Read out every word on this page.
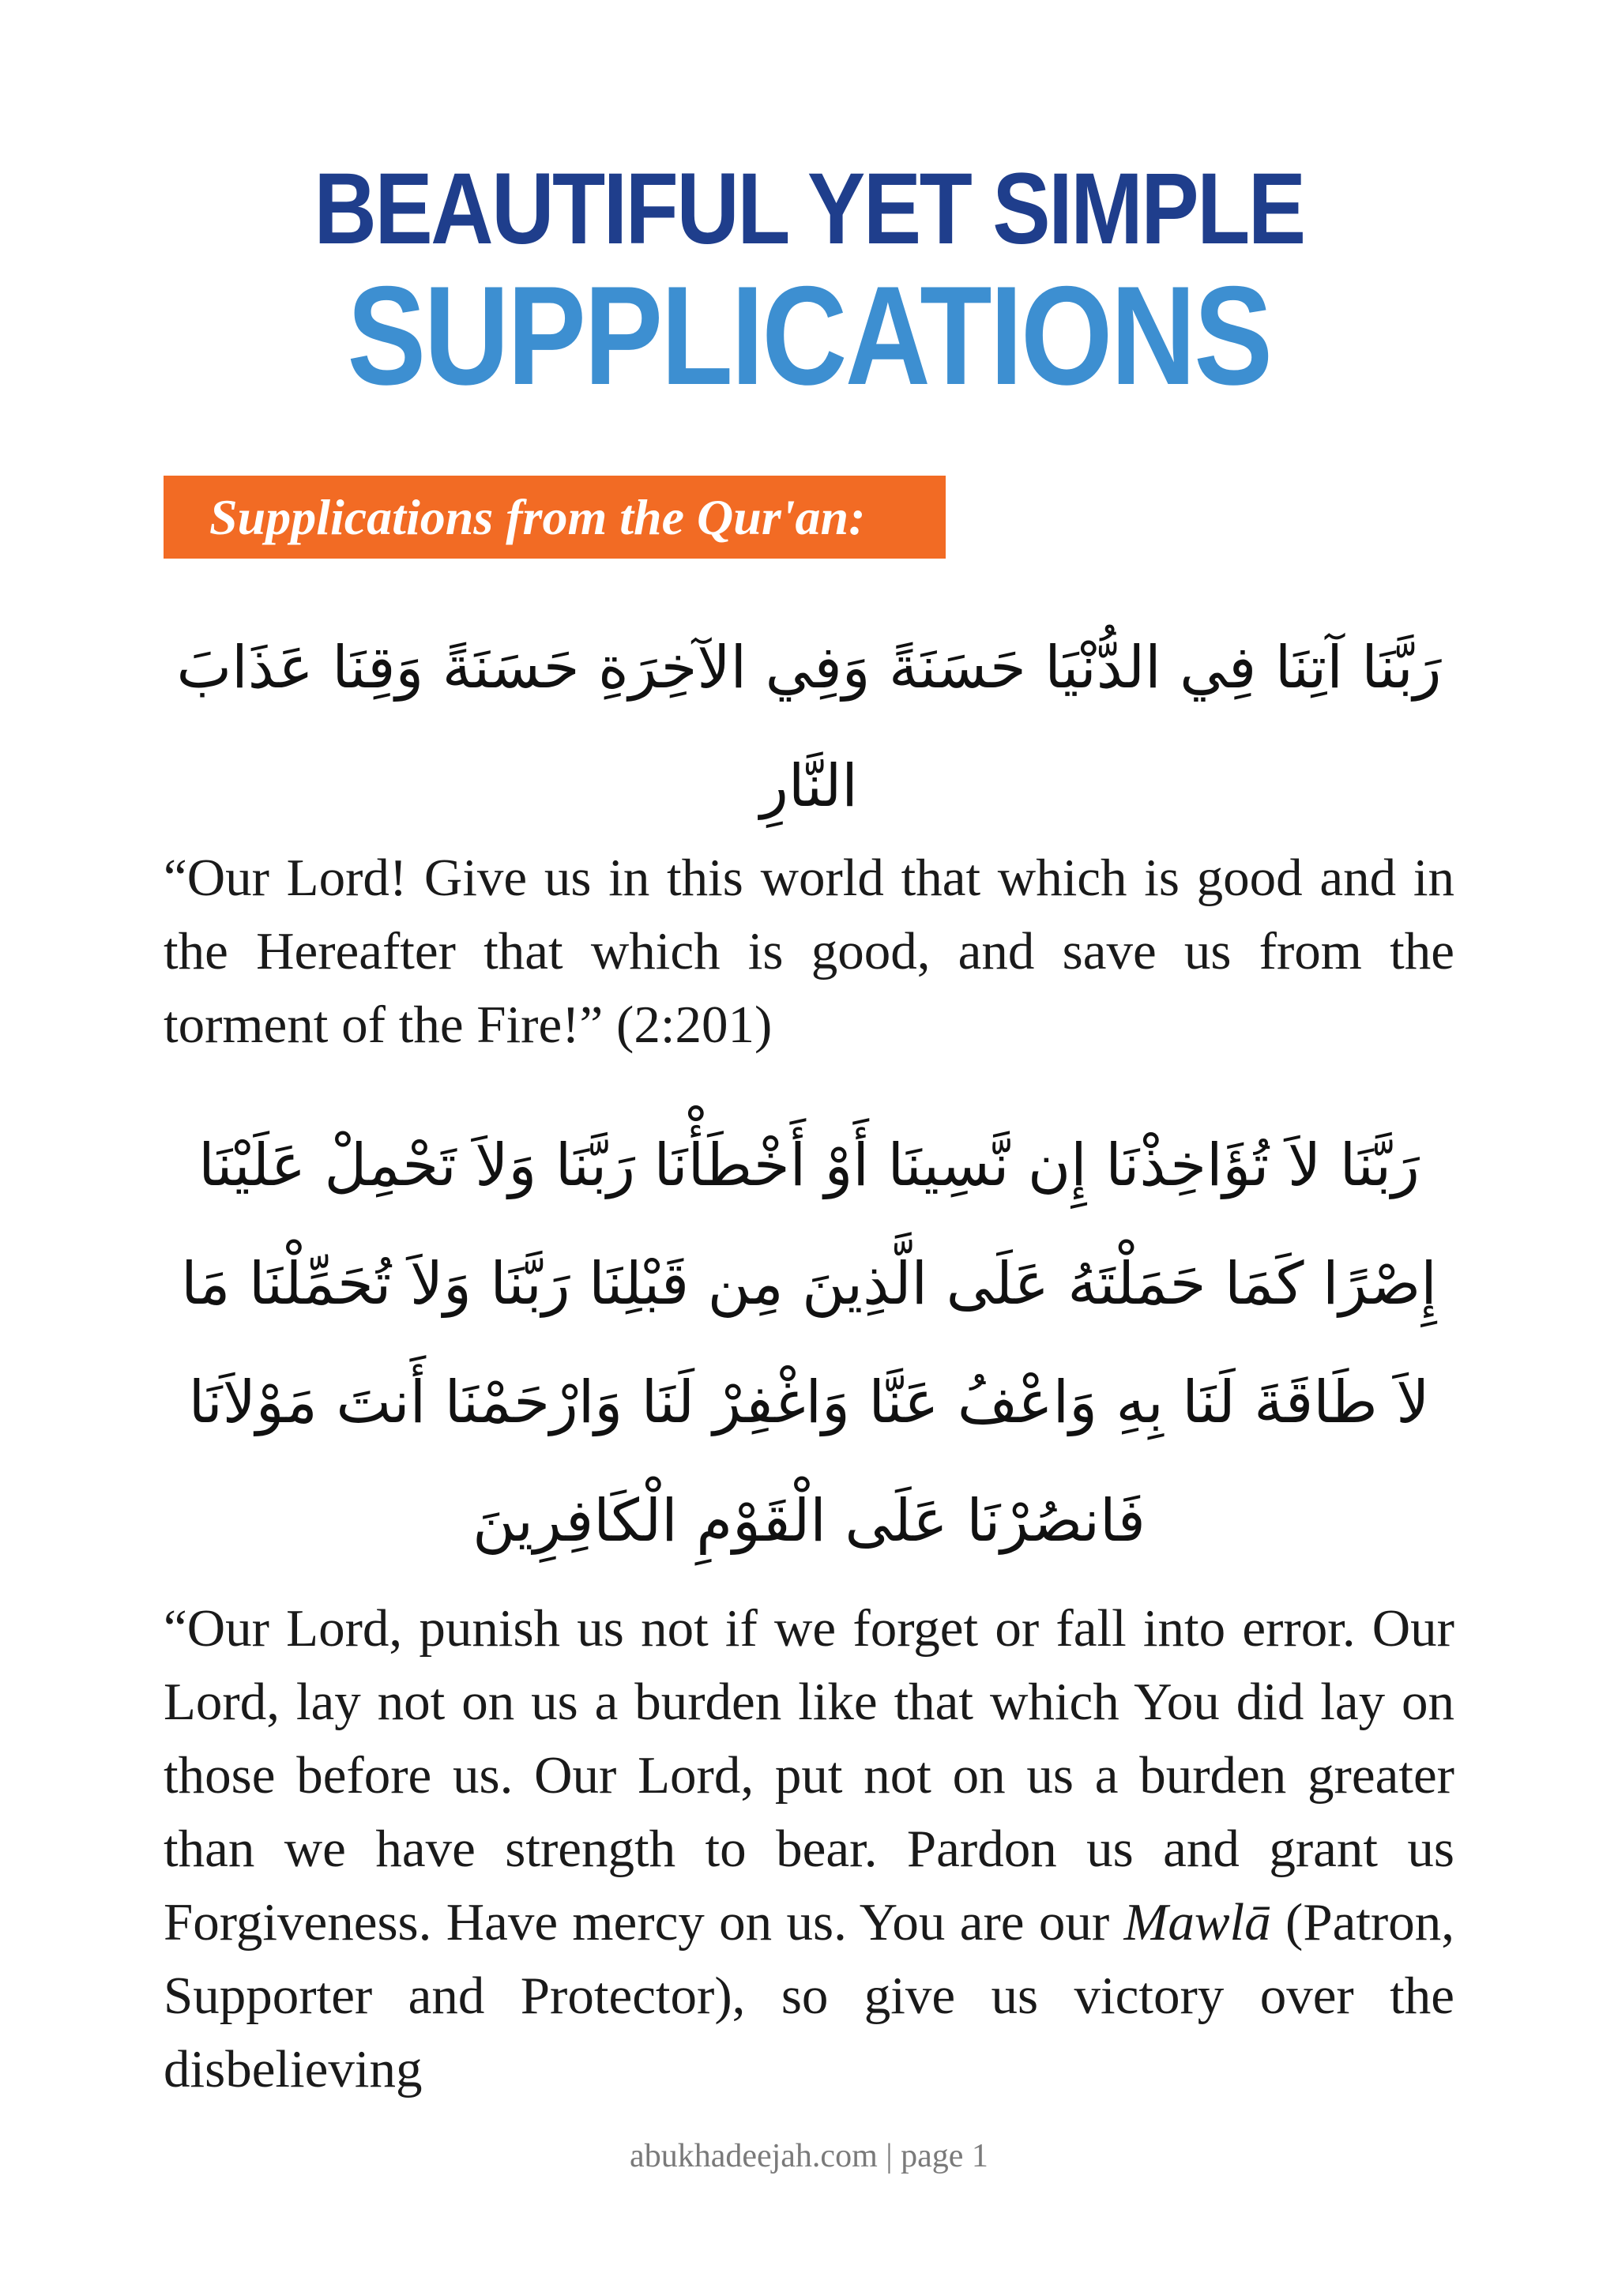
BEAUTIFUL YET SIMPLE
SUPPLICATIONS
Supplications from the Qur'an:
رَبَّنَا آتِنَا فِي الدُّنْيَا حَسَنَةً وَفِي الآخِرَةِ حَسَنَةً وَقِنَا عَذَابَ النَّارِ
“Our Lord! Give us in this world that which is good and in the Hereafter that which is good, and save us from the torment of the Fire!” (2:201)
رَبَّنَا لاَ تُؤَاخِذْنَا إِن نَّسِينَا أَوْ أَخْطَأْنَا رَبَّنَا وَلاَ تَحْمِلْ عَلَيْنَا إِصْرًا كَمَا حَمَلْتَهُ عَلَى الَّذِينَ مِن قَبْلِنَا رَبَّنَا وَلاَ تُحَمِّلْنَا مَا لاَ طَاقَةَ لَنَا بِهِ وَاعْفُ عَنَّا وَاغْفِرْ لَنَا وَارْحَمْنَا أَنتَ مَوْلاَنَا فَانصُرْنَا عَلَى الْقَوْمِ الْكَافِرِينَ
“Our Lord, punish us not if we forget or fall into error. Our Lord, lay not on us a burden like that which You did lay on those before us. Our Lord, put not on us a burden greater than we have strength to bear. Pardon us and grant us Forgiveness. Have mercy on us. You are our Mawlā (Patron, Supporter and Protector), so give us victory over the disbelieving
abukhadeejah.com | page 1
